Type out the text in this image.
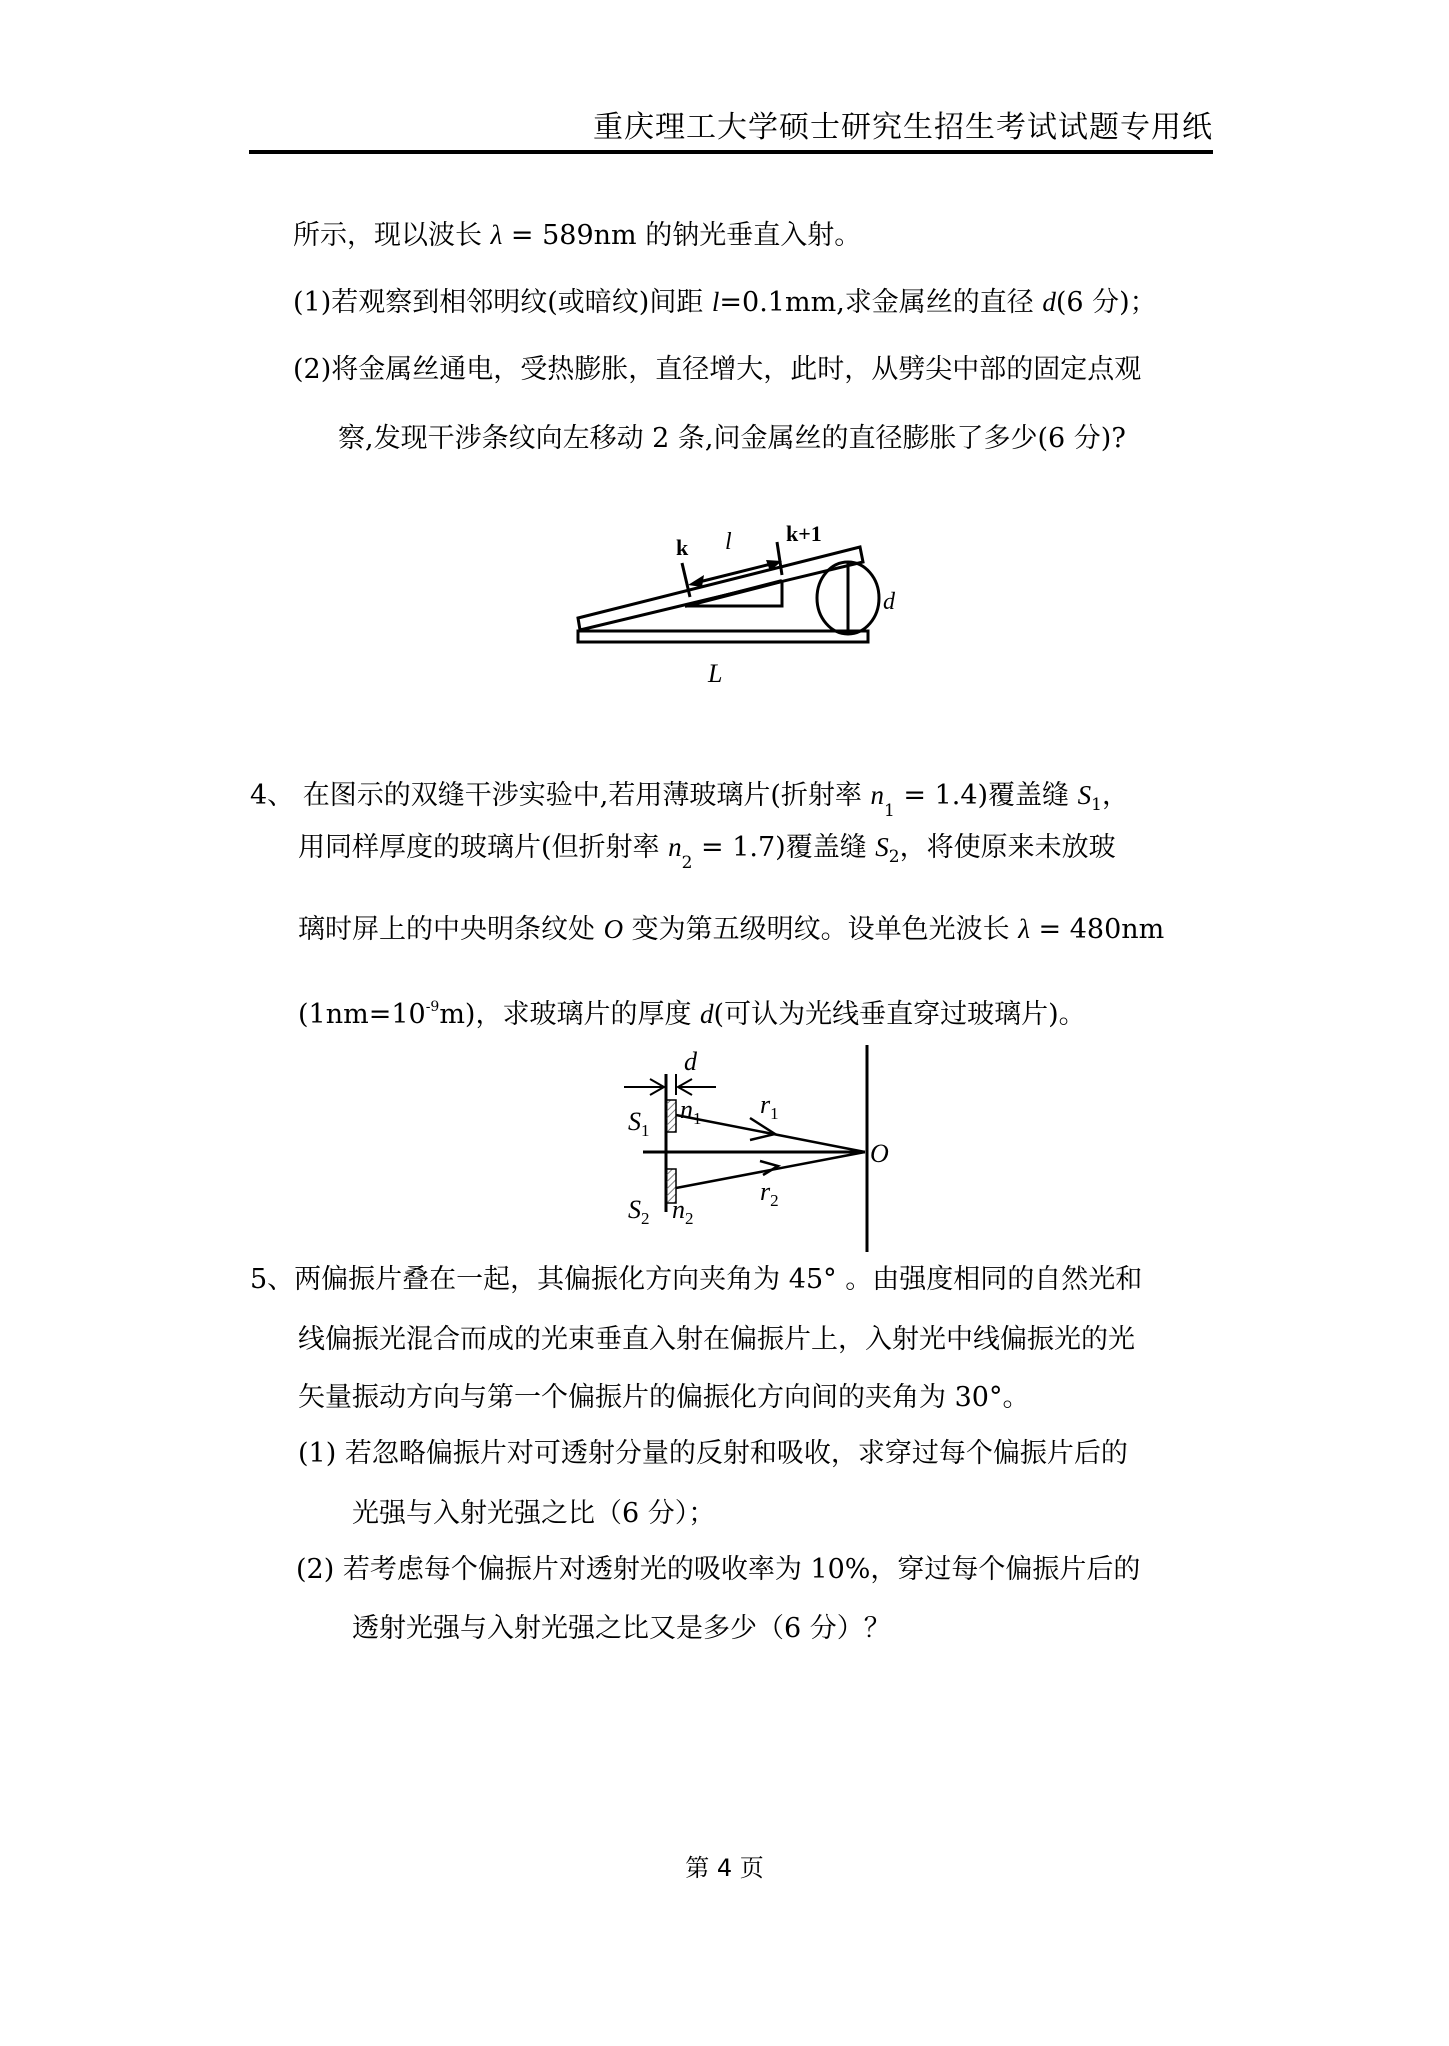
重庆理工大学硕士研究生招生考试试题专用纸
所示，现以波长 λ = 589nm 的钠光垂直入射。
(1)若观察到相邻明纹(或暗纹)间距 l=0.1mm,求金属丝的直径 d(6 分)；
(2)将金属丝通电，受热膨胀，直径增大，此时，从劈尖中部的固定点观
察,发现干涉条纹向左移动 2 条,问金属丝的直径膨胀了多少(6 分)?
k l k+1
d
L
4、 在图示的双缝干涉实验中,若用薄玻璃片(折射率 $n_1 = 1.4$)覆盖缝 $S_1$，
用同样厚度的玻璃片(但折射率 $n_2 = 1.7$)覆盖缝 $S_2$，将使原来未放玻
璃时屏上的中央明条纹处 O 变为第五级明纹。设单色光波长 λ = 480nm
$(1nm=10^{-9}m)$，求玻璃片的厚度 d(可认为光线垂直穿过玻璃片)。
d
$S_1$
$n_1$ $r_1$
O
$r_2$
$S_2$ $n_2$
5、两偏振片叠在一起，其偏振化方向夹角为 45° 。由强度相同的自然光和
线偏振光混合而成的光束垂直入射在偏振片上，入射光中线偏振光的光
矢量振动方向与第一个偏振片的偏振化方向间的夹角为 30°。
(1) 若忽略偏振片对可透射分量的反射和吸收，求穿过每个偏振片后的
光强与入射光强之比（6 分）；
(2) 若考虑每个偏振片对透射光的吸收率为 10%，穿过每个偏振片后的
透射光强与入射光强之比又是多少（6 分）？
第 4 页
